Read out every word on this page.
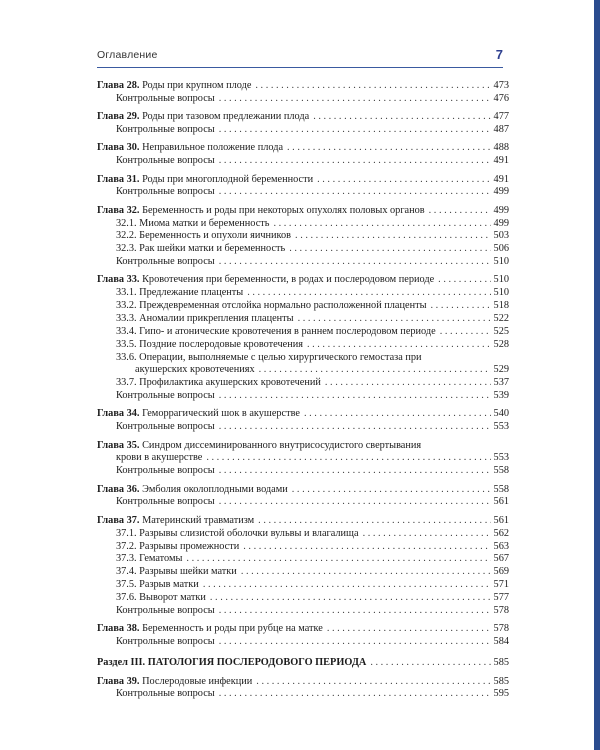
Оглавление	7
Глава 28. Роды при крупном плоде . . .	473
Контрольные вопросы . . .	476
Глава 29. Роды при тазовом предлежании плода . . .	477
Контрольные вопросы . . .	487
Глава 30. Неправильное положение плода . . .	488
Контрольные вопросы . . .	491
Глава 31. Роды при многоплодной беременности . . .	491
Контрольные вопросы . . .	499
Глава 32. Беременность и роды при некоторых опухолях половых органов . . .	499
32.1. Миома матки и беременность . . .	499
32.2. Беременность и опухоли яичников . . .	503
32.3. Рак шейки матки и беременность . . .	506
Контрольные вопросы . . .	510
Глава 33. Кровотечения при беременности, в родах и послеродовом периоде . . .	510
33.1. Предлежание плаценты . . .	510
33.2. Преждевременная отслойка нормально расположенной плаценты . . .	518
33.3. Аномалии прикрепления плаценты . . .	522
33.4. Гипо- и атонические кровотечения в раннем послеродовом периоде . . .	525
33.5. Поздние послеродовые кровотечения . . .	528
33.6. Операции, выполняемые с целью хирургического гемостаза при
акушерских кровотечениях . . .	529
33.7. Профилактика акушерских кровотечений . . .	537
Контрольные вопросы . . .	539
Глава 34. Геморрагический шок в акушерстве . . .	540
Контрольные вопросы . . .	553
Глава 35. Синдром диссеминированного внутрисосудистого свертывания
крови в акушерстве . . .	553
Контрольные вопросы . . .	558
Глава 36. Эмболия околоплодными водами . . .	558
Контрольные вопросы . . .	561
Глава 37. Материнский травматизм . . .	561
37.1. Разрывы слизистой оболочки вульвы и влагалища . . .	562
37.2. Разрывы промежности . . .	563
37.3. Гематомы . . .	567
37.4. Разрывы шейки матки . . .	569
37.5. Разрыв матки . . .	571
37.6. Выворот матки . . .	577
Контрольные вопросы . . .	578
Глава 38. Беременность и роды при рубце на матке . . .	578
Контрольные вопросы . . .	584
Раздел III. ПАТОЛОГИЯ ПОСЛЕРОДОВОГО ПЕРИОДА . . .	585
Глава 39. Послеродовые инфекции . . .	585
Контрольные вопросы . . .	595
